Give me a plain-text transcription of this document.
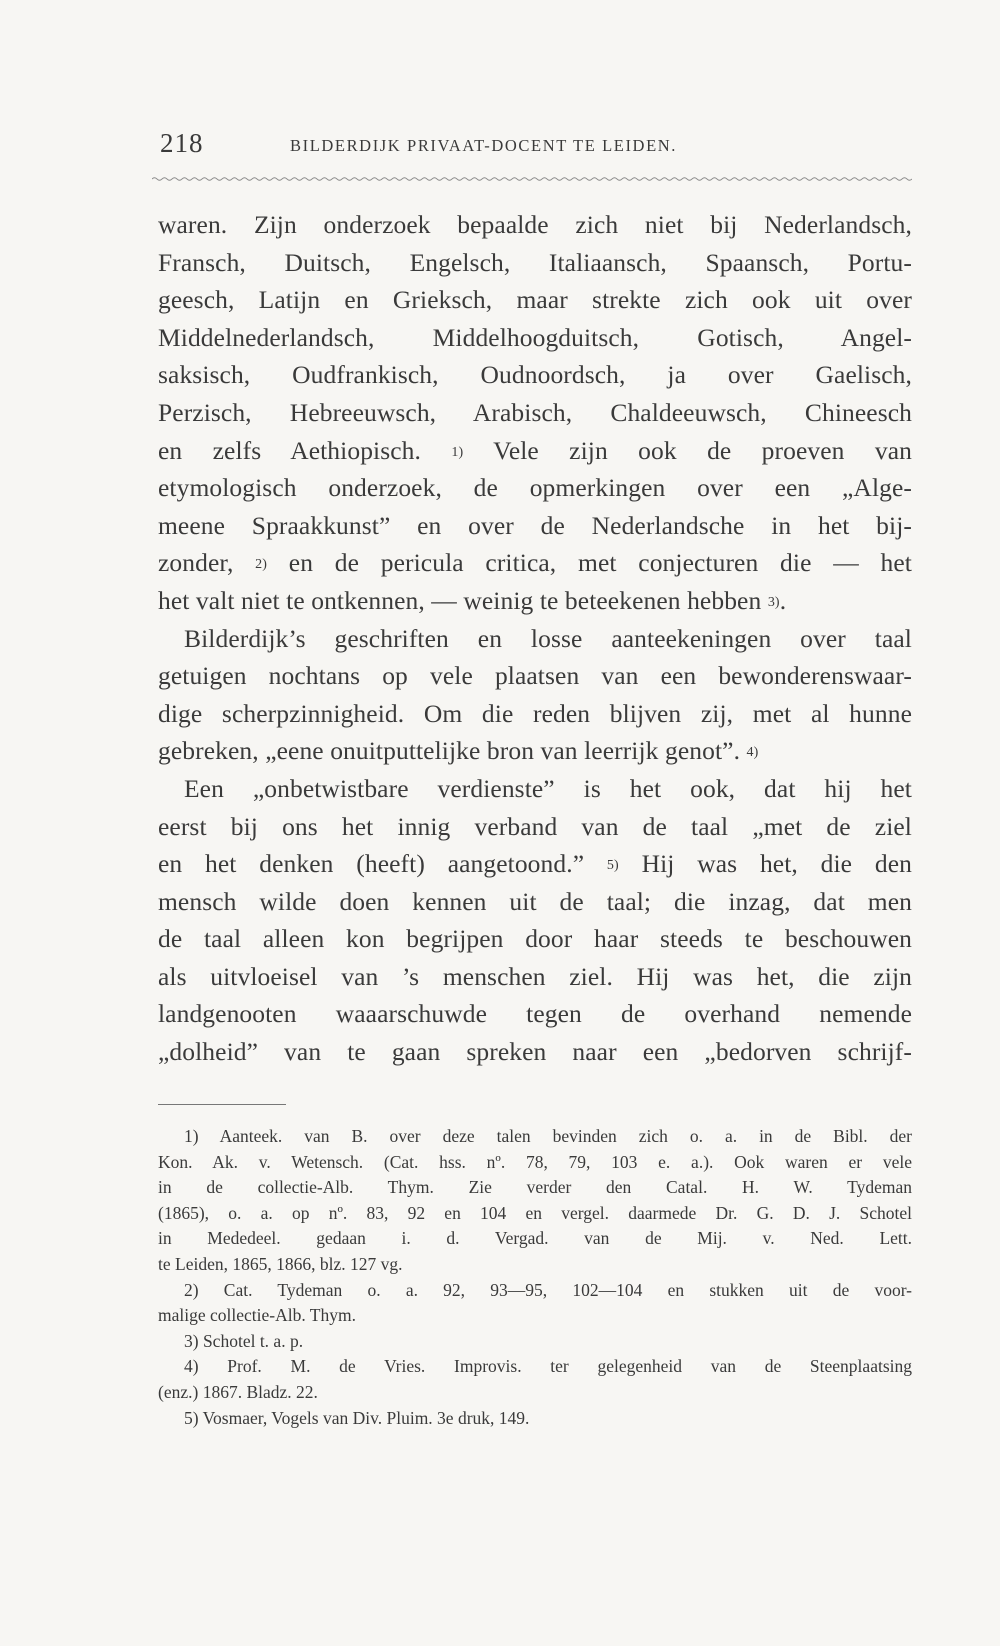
218	BILDERDIJK PRIVAAT-DOCENT TE LEIDEN.
waren. Zijn onderzoek bepaalde zich niet bij Nederlandsch,
Fransch, Duitsch, Engelsch, Italiaansch, Spaansch, Portu-
geesch, Latijn en Grieksch, maar strekte zich ook uit over
Middelnederlandsch, Middelhoogduitsch, Gotisch, Angel-
saksisch, Oudfrankisch, Oudnoordsch, ja over Gaelisch,
Perzisch, Hebreeuwsch, Arabisch, Chaldeeuwsch, Chineesch
en zelfs Aethiopisch. $^{1)}$ Vele zijn ook de proeven van
etymologisch onderzoek, de opmerkingen over een „Alge-
meene Spraakkunst” en over de Nederlandsche in het bij-
zonder, $^{2)}$ en de pericula critica, met conjecturen die — het
het valt niet te ontkennen, — weinig te beteekenen hebben $^{3)}$.
Bilderdijk’s geschriften en losse aanteekeningen over taal
getuigen nochtans op vele plaatsen van een bewonderenswaar-
dige scherpzinnigheid. Om die reden blijven zij, met al hunne
gebreken, „eene onuitputtelijke bron van leerrijk genot”. $^{4)}$
Een „onbetwistbare verdienste” is het ook, dat hij het
eerst bij ons het innig verband van de taal „met de ziel
en het denken (heeft) aangetoond.” $^{5)}$ Hij was het, die den
mensch wilde doen kennen uit de taal; die inzag, dat men
de taal alleen kon begrijpen door haar steeds te beschouwen
als uitvloeisel van ’s menschen ziel. Hij was het, die zijn
landgenooten waaarschuwde tegen de overhand nemende
„dolheid” van te gaan spreken naar een „bedorven schrijf-
1) Aanteek. van B. over deze talen bevinden zich o. a. in de Bibl. der
Kon. Ak. v. Wetensch. (Cat. hss. nº. 78, 79, 103 e. a.). Ook waren er vele
in de collectie-Alb. Thym. Zie verder den Catal. H. W. Tydeman
(1865), o. a. op nº. 83, 92 en 104 en vergel. daarmede Dr. G. D. J. Schotel
in Mededeel. gedaan i. d. Vergad. van de Mij. v. Ned. Lett.
te Leiden, 1865, 1866, blz. 127 vg.
2) Cat. Tydeman o. a. 92, 93—95, 102—104 en stukken uit de voor-
malige collectie-Alb. Thym.
3) Schotel t. a. p.
4) Prof. M. de Vries. Improvis. ter gelegenheid van de Steenplaatsing
(enz.) 1867. Bladz. 22.
5) Vosmaer, Vogels van Div. Pluim. 3e druk, 149.
